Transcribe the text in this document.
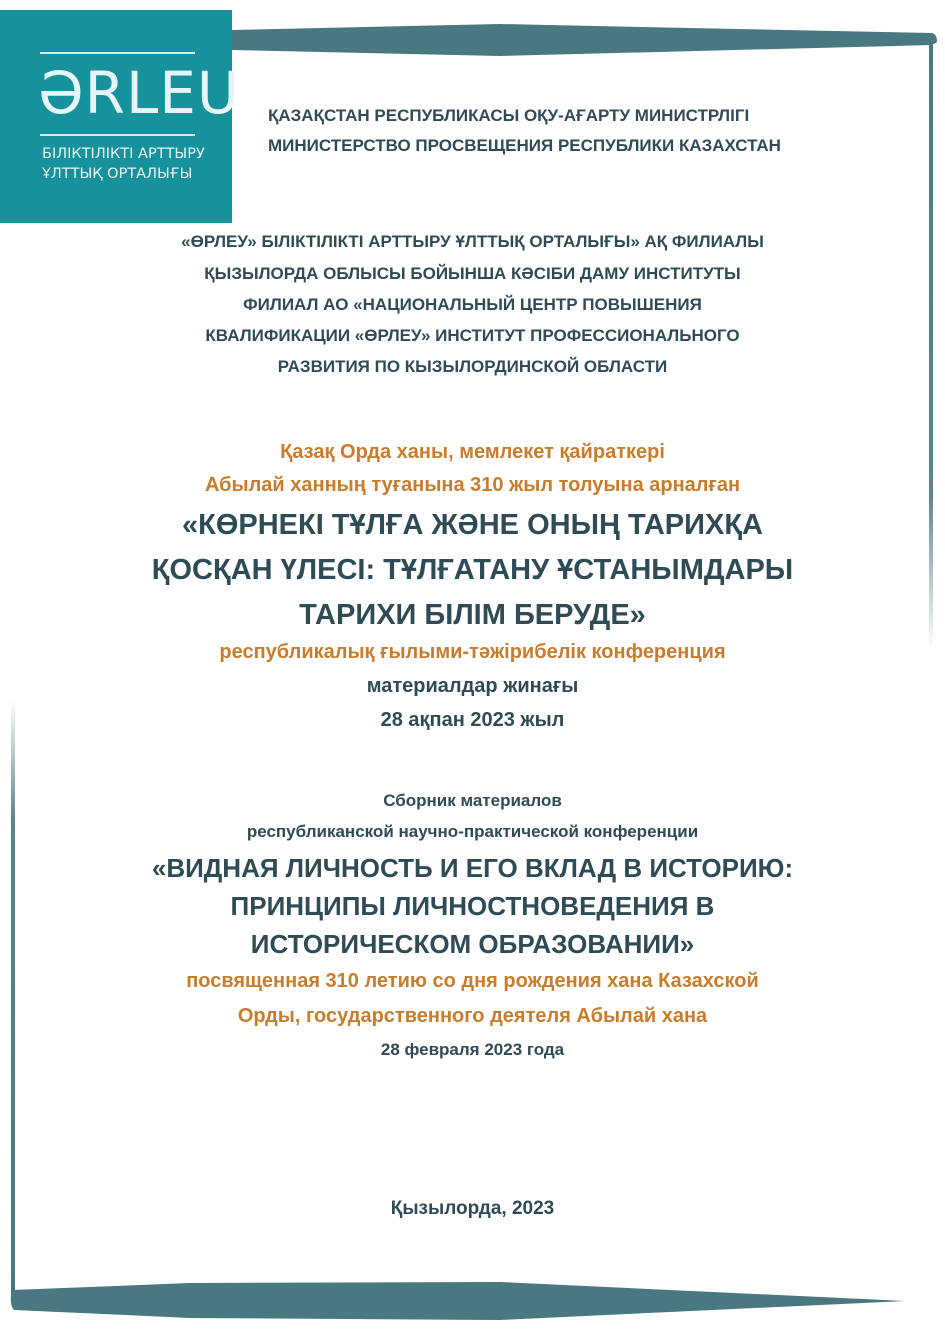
ƏRLEU
БІЛІКТІЛІКТІ АРТТЫРУ
ҰЛТТЫҚ ОРТАЛЫҒЫ
ҚАЗАҚСТАН РЕСПУБЛИКАСЫ ОҚУ-АҒАРТУ МИНИСТРЛІГІ
МИНИСТЕРСТВО ПРОСВЕЩЕНИЯ РЕСПУБЛИКИ КАЗАХСТАН
«ӨРЛЕУ» БІЛІКТІЛІКТІ АРТТЫРУ ҰЛТТЫҚ ОРТАЛЫҒЫ» АҚ ФИЛИАЛЫ
ҚЫЗЫЛОРДА ОБЛЫСЫ БОЙЫНША КӘСІБИ ДАМУ ИНСТИТУТЫ
ФИЛИАЛ АО «НАЦИОНАЛЬНЫЙ ЦЕНТР ПОВЫШЕНИЯ
КВАЛИФИКАЦИИ «ӨРЛЕУ» ИНСТИТУТ ПРОФЕССИОНАЛЬНОГО
РАЗВИТИЯ ПО КЫЗЫЛОРДИНСКОЙ ОБЛАСТИ
Қазақ Орда ханы, мемлекет қайраткері
Абылай ханның туғанына 310 жыл толуына арналған
«КӨРНЕКІ ТҰЛҒА ЖӘНЕ ОНЫҢ ТАРИХҚА
ҚОСҚАН ҮЛЕСІ: ТҰЛҒАТАНУ ҰСТАНЫМДАРЫ
ТАРИХИ БІЛІМ БЕРУДЕ»
республикалық ғылыми-тәжірибелік конференция
материалдар жинағы
28 ақпан 2023 жыл
Сборник материалов
республиканской научно-практической конференции
«ВИДНАЯ ЛИЧНОСТЬ И ЕГО ВКЛАД В ИСТОРИЮ:
ПРИНЦИПЫ ЛИЧНОСТНОВЕДЕНИЯ В
ИСТОРИЧЕСКОМ ОБРАЗОВАНИИ»
посвященная 310 летию со дня рождения хана Казахской
Орды, государственного деятеля Абылай хана
28 февраля 2023 года
Қызылорда, 2023
